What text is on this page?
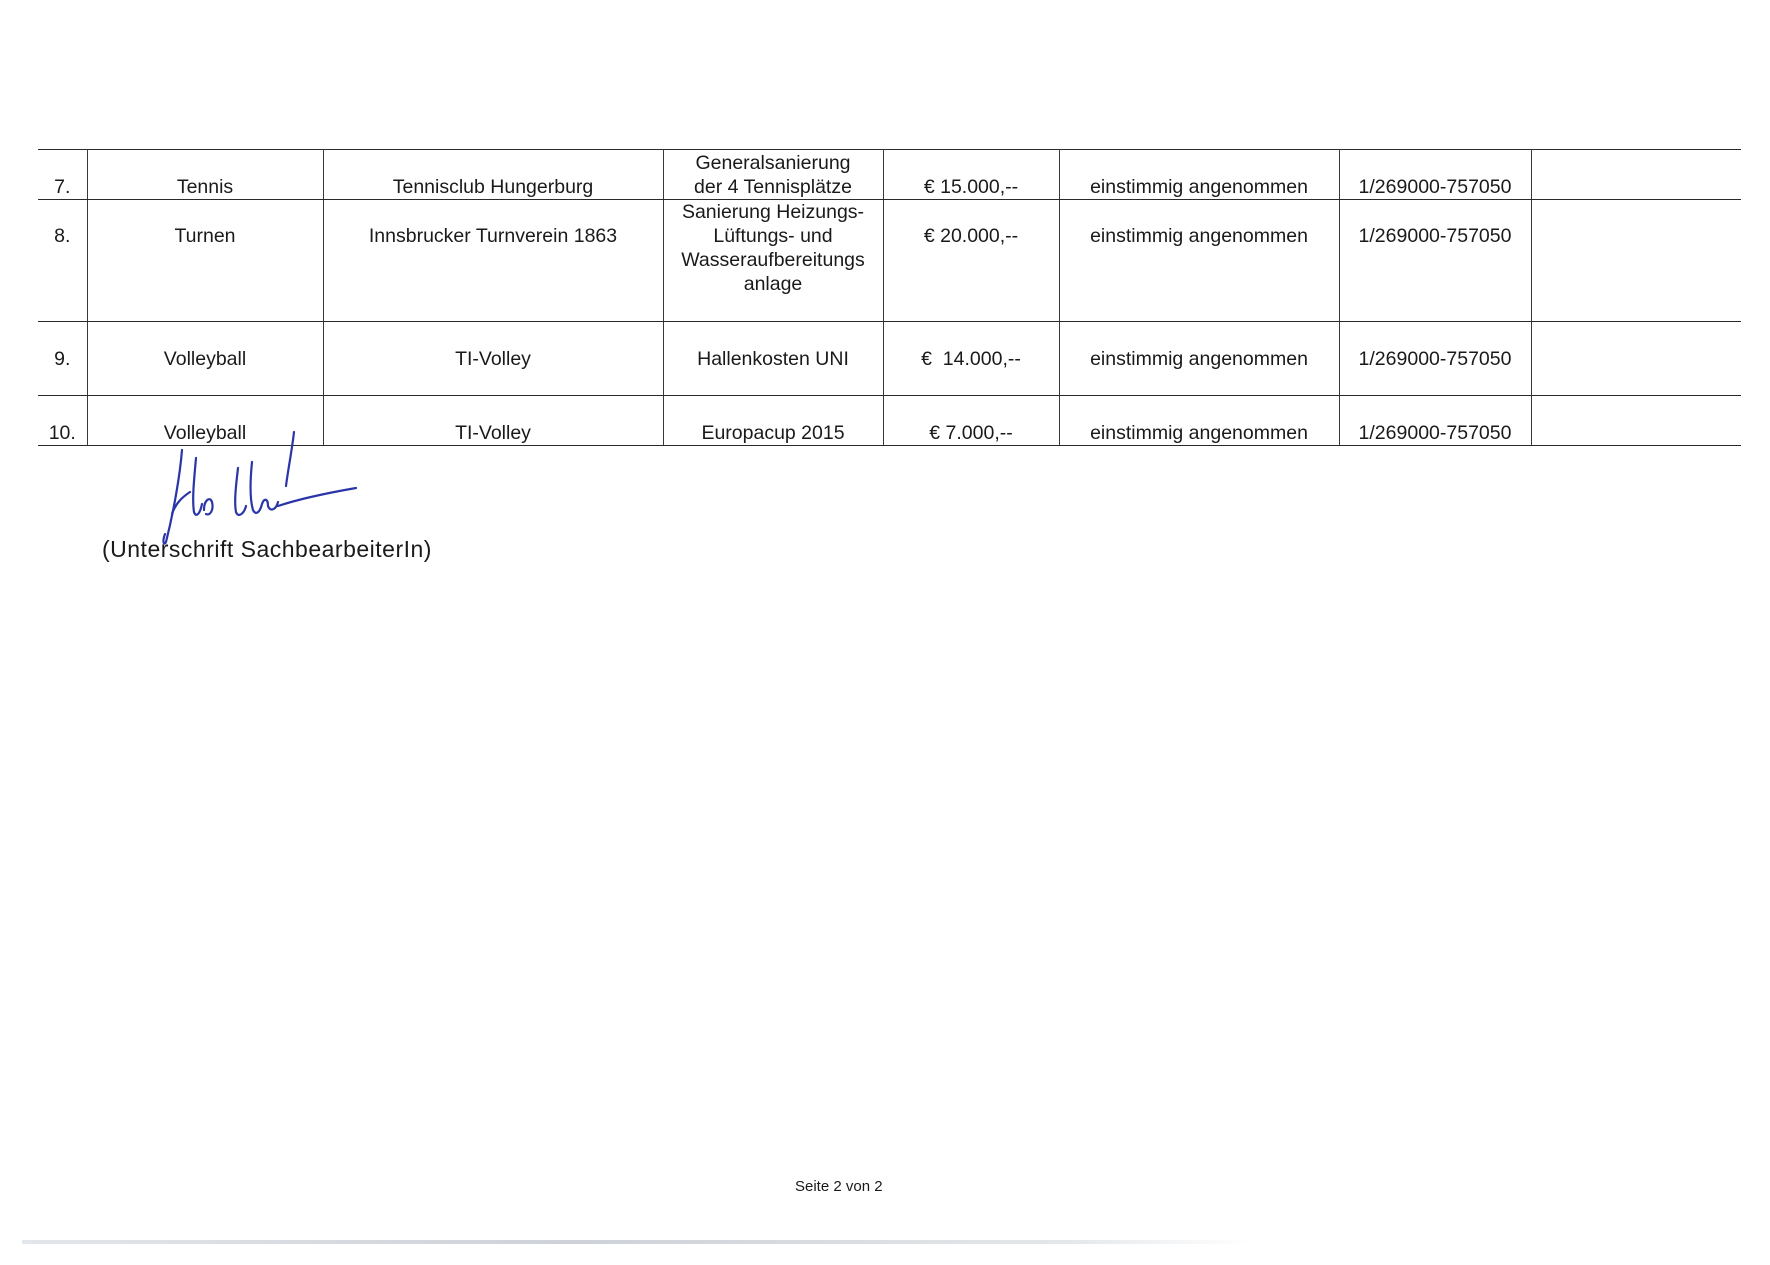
7.	Tennis	Tennisclub Hungerburg	Generalsanierung
der 4 Tennisplätze	€ 15.000,--	einstimmig angenommen	1/269000-757050	
8.	Turnen	Innsbrucker Turnverein 1863	Sanierung Heizungs-
Lüftungs- und
Wasseraufbereitungs
anlage	€ 20.000,--	einstimmig angenommen	1/269000-757050	
9.	Volleyball	TI-Volley	Hallenkosten UNI	€  14.000,--	einstimmig angenommen	1/269000-757050	
10.	Volleyball	TI-Volley	Europacup 2015	€ 7.000,--	einstimmig angenommen	1/269000-757050	
(Unterschrift SachbearbeiterIn)
Seite 2 von 2
